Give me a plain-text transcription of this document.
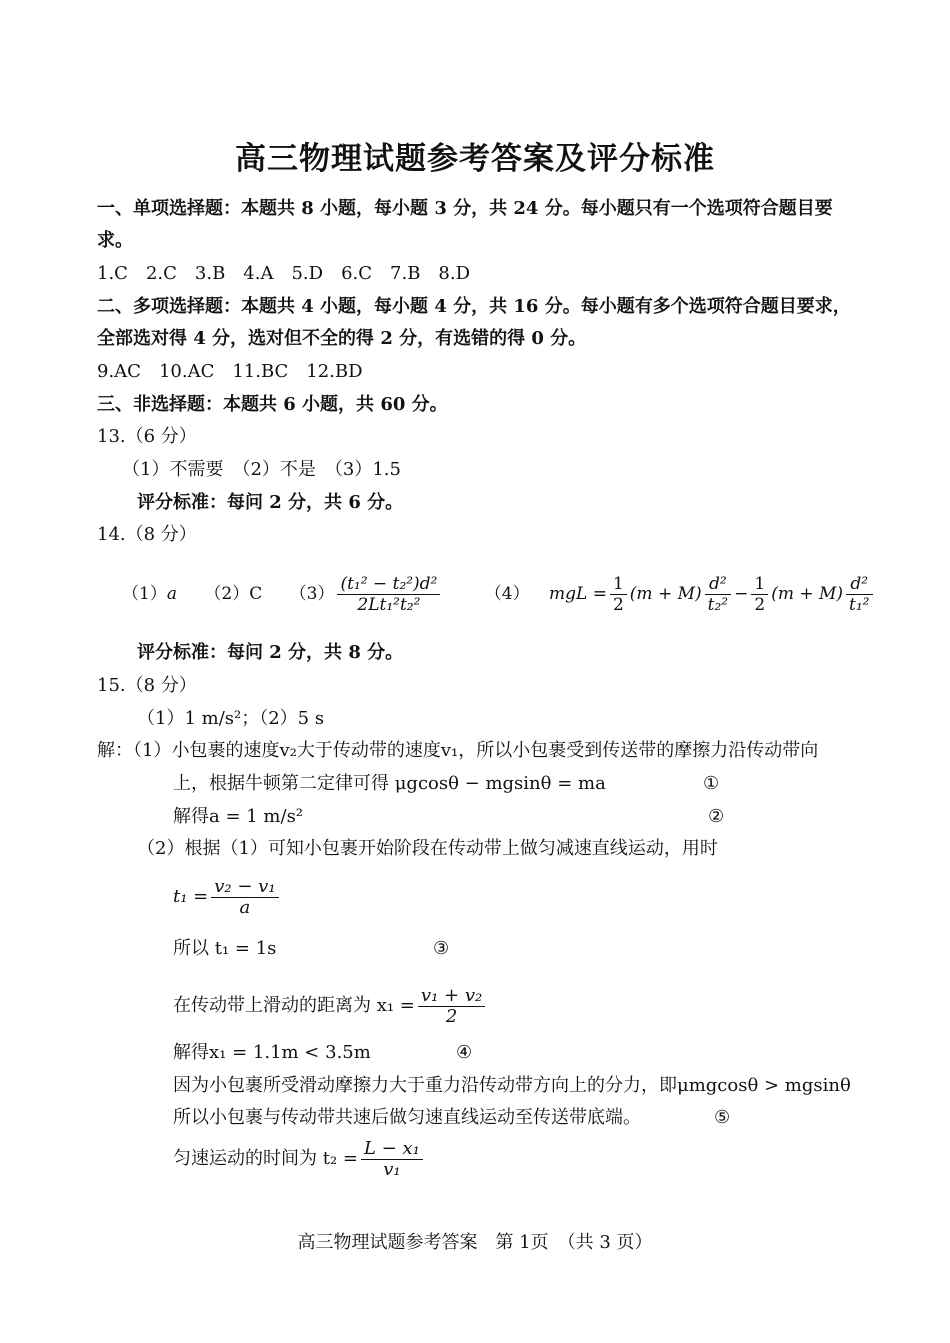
高三物理试题参考答案及评分标准
一、单项选择题：本题共 8 小题，每小题 3 分，共 24 分。每小题只有一个选项符合题目要
求。
1.C　2.C　3.B　4.A　5.D　6.C　7.B　8.D
二、多项选择题：本题共 4 小题，每小题 4 分，共 16 分。每小题有多个选项符合题目要求，
全部选对得 4 分，选对但不全的得 2 分，有选错的得 0 分。
9.AC　10.AC　11.BC　12.BD
三、非选择题：本题共 6 小题，共 60 分。
13.（6 分）
（1）不需要　（2）不是　（3）1.5
评分标准：每问 2 分，共 6 分。
14.（8 分）
（1）a （2）C $(3) \frac{\text{(t₁² − t₂²)d²}}{\text{2Lt₁²t₂²}}$	（4） mgL = $\frac{1}{2} (m + M) \frac{\text{d²}}{\text{t₂²}} - \frac{1}{2} (m + M) \frac{\text{d²}}{\text{t₁²}}$
评分标准：每问 2 分，共 8 分。
15.（8 分）
（1）1 m/s²；（2）5 s
解：（1）小包裹的速度v₂大于传动带的速度v₁，所以小包裹受到传送带的摩擦力沿传动带向
上，根据牛顿第二定律可得 μgcosθ − mgsinθ = ma	①
解得a = 1 m/s²	②
（2）根据（1）可知小包裹开始阶段在传动带上做匀减速直线运动，用时
$t_1 = \frac{\text{v₂ − v₁}}{a}$
所以 t₁ = 1s	③
在传动带上滑动的距离为 $x_1 = \frac{\text{v₁ + v₂}}{2}$
解得x₁ = 1.1m < 3.5m	④
因为小包裹所受滑动摩擦力大于重力沿传动带方向上的分力，即μmgcosθ > mgsinθ
所以小包裹与传动带共速后做匀速直线运动至传送带底端。	⑤
匀速运动的时间为 $t_2 = \frac{\text{L − x₁}}{\text{v₁}}$
高三物理试题参考答案　第 1页　（共 3 页）
